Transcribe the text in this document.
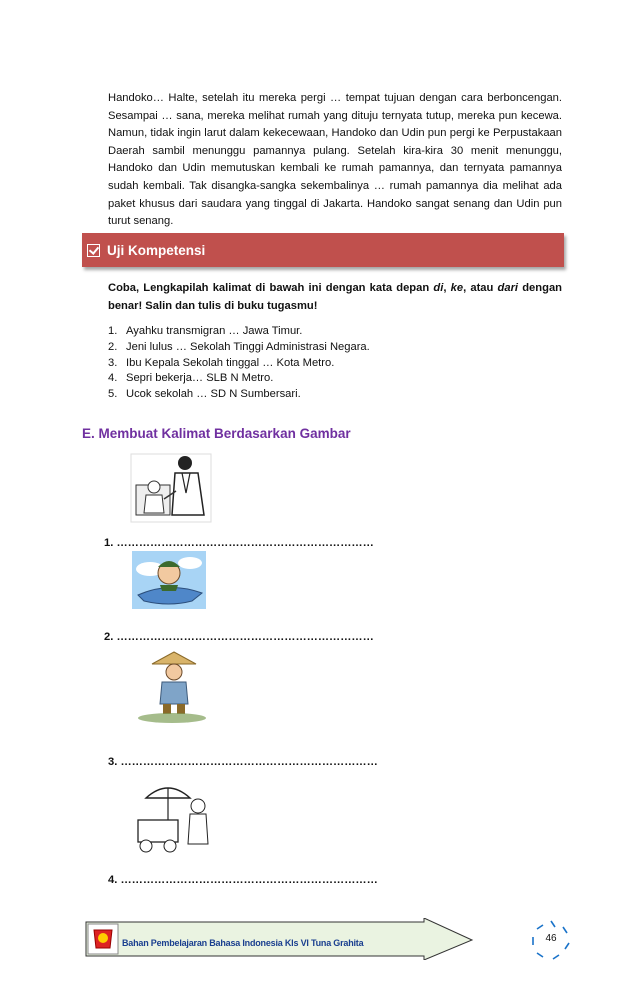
Handoko… Halte, setelah itu mereka pergi … tempat tujuan dengan cara berboncengan. Sesampai … sana, mereka melihat rumah yang dituju ternyata tutup, mereka pun kecewa. Namun, tidak ingin larut dalam kekecewaan, Handoko dan Udin pun pergi ke Perpustakaan Daerah sambil menunggu pamannya pulang. Setelah kira-kira 30 menit menunggu, Handoko dan Udin memutuskan kembali ke rumah pamannya, dan ternyata pamannya sudah kembali. Tak disangka-sangka sekembalinya … rumah pamannya dia melihat ada paket khusus dari saudara yang tinggal di Jakarta. Handoko sangat senang dan Udin pun turut senang.
Uji Kompetensi
Coba, Lengkapilah kalimat di bawah ini dengan kata depan di, ke, atau dari dengan benar! Salin dan tulis di buku tugasmu!
1. Ayahku transmigran … Jawa Timur.
2. Jeni lulus … Sekolah Tinggi Administrasi Negara.
3. Ibu Kepala Sekolah tinggal … Kota Metro.
4. Sepri bekerja… SLB N Metro.
5. Ucok sekolah … SD N Sumbersari.
E. Membuat Kalimat Berdasarkan Gambar
1. ……………………………………………………………
2. ……………………………………………………………
3. ……………………………………………………………
4. ……………………………………………………………
Bahan Pembelajaran Bahasa Indonesia Kls VI Tuna Grahita	46
